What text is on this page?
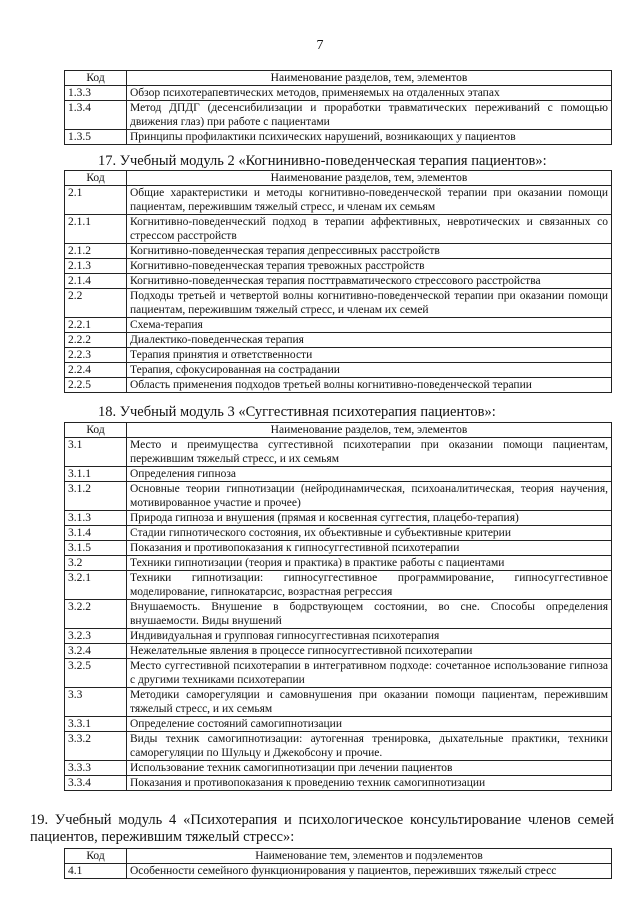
7
Код	Наименование разделов, тем, элементов
1.3.3	Обзор психотерапевтических методов, применяемых на отдаленных этапах
1.3.4	Метод ДПДГ (десенсибилизации и проработки травматических переживаний с помощью движения глаз) при работе с пациентами
1.3.5	Принципы профилактики психических нарушений, возникающих у пациентов
17. Учебный модуль 2 «Когнинивно-поведенческая терапия пациентов»:
Код	Наименование разделов, тем, элементов
2.1	Общие характеристики и методы когнитивно-поведенческой терапии при оказании помощи пациентам, пережившим тяжелый стресс, и членам их семьям
2.1.1	Когнитивно-поведенческий подход в терапии аффективных, невротических и связанных со стрессом расстройств
2.1.2	Когнитивно-поведенческая терапия депрессивных расстройств
2.1.3	Когнитивно-поведенческая терапия тревожных расстройств
2.1.4	Когнитивно-поведенческая терапия посттравматического стрессового расстройства
2.2	Подходы третьей и четвертой волны когнитивно-поведенческой терапии при оказании помощи пациентам, пережившим тяжелый стресс, и членам их семей
2.2.1	Схема-терапия
2.2.2	Диалектико-поведенческая терапия
2.2.3	Терапия принятия и ответственности
2.2.4	Терапия, сфокусированная на сострадании
2.2.5	Область применения подходов третьей волны когнитивно-поведенческой терапии
18. Учебный модуль 3 «Суггестивная психотерапия пациентов»:
Код	Наименование разделов, тем, элементов
3.1	Место и преимущества суггестивной психотерапии при оказании помощи пациентам, пережившим тяжелый стресс, и их семьям
3.1.1	Определения гипноза
3.1.2	Основные теории гипнотизации (нейродинамическая, психоаналитическая, теория научения, мотивированное участие и прочее)
3.1.3	Природа гипноза и внушения (прямая и косвенная суггестия, плацебо-терапия)
3.1.4	Стадии гипнотического состояния, их объективные и субъективные критерии
3.1.5	Показания и противопоказания к гипносуггестивной психотерапии
3.2	Техники гипнотизации (теория и практика) в практике работы с пациентами
3.2.1	Техники гипнотизации: гипносуггестивное программирование, гипносуггестивное моделирование, гипнокатарсис, возрастная регрессия
3.2.2	Внушаемость. Внушение в бодрствующем состоянии, во сне. Способы определения внушаемости. Виды внушений
3.2.3	Индивидуальная и групповая гипносуггестивная психотерапия
3.2.4	Нежелательные явления в процессе гипносуггестивной психотерапии
3.2.5	Место суггестивной психотерапии в интегративном подходе: сочетанное использование гипноза с другими техниками психотерапии
3.3	Методики саморегуляции и самовнушения при оказании помощи пациентам, пережившим тяжелый стресс, и их семьям
3.3.1	Определение состояний самогипнотизации
3.3.2	Виды техник самогипнотизации: аутогенная тренировка, дыхательные практики, техники саморегуляции по Шульцу и Джекобсону и прочие.
3.3.3	Использование техник самогипнотизации при лечении пациентов
3.3.4	Показания и противопоказания к проведению техник самогипнотизации
19. Учебный модуль 4 «Психотерапия и психологическое консультирование членов семей пациентов, пережившим тяжелый стресс»:
Код	Наименование тем, элементов и подэлементов
4.1	Особенности семейного функционирования у пациентов, переживших тяжелый стресс
